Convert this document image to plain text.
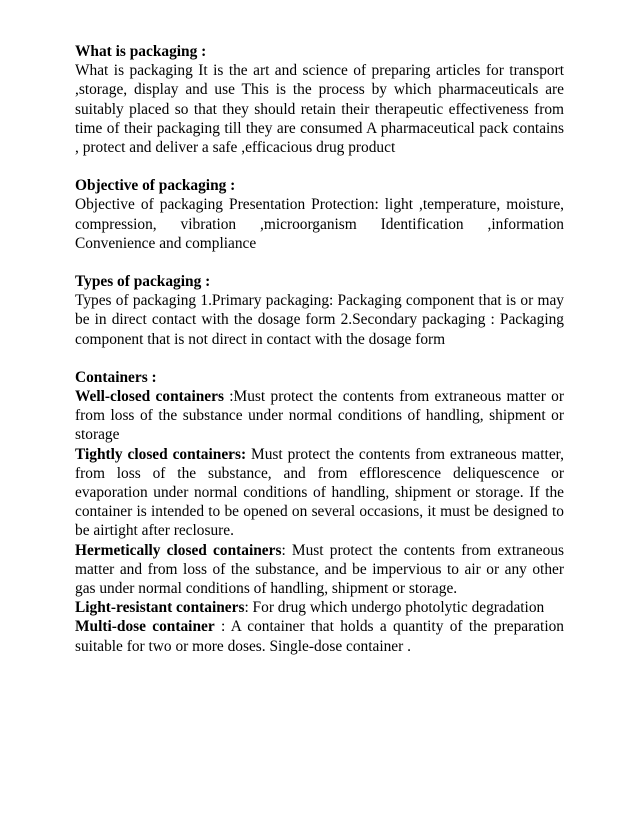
What is packaging :

What is packaging It is the art and science of preparing articles for transport ,storage, display and use This is the process by which pharmaceuticals are suitably placed so that they should retain their therapeutic effectiveness from time of their packaging till they are consumed A pharmaceutical pack contains , protect and deliver a safe ,efficacious drug product

Objective of packaging :

Objective of packaging Presentation Protection: light ,temperature, moisture, compression, vibration ,microorganism Identification ,information Convenience and compliance

Types of packaging :

Types of packaging 1.Primary packaging: Packaging component that is or may be in direct contact with the dosage form 2.Secondary packaging : Packaging component that is not direct in contact with the dosage form

Containers :

Well-closed containers :Must protect the contents from extraneous matter or from loss of the substance under normal conditions of handling, shipment or storage

Tightly closed containers: Must protect the contents from extraneous matter, from loss of the substance, and from efflorescence deliquescence or evaporation under normal conditions of handling, shipment or storage. If the container is intended to be opened on several occasions, it must be designed to be airtight after reclosure.

Hermetically closed containers: Must protect the contents from extraneous matter and from loss of the substance, and be impervious to air or any other gas under normal conditions of handling, shipment or storage.

Light-resistant containers: For drug which undergo photolytic degradation

Multi-dose container : A container that holds a quantity of the preparation suitable for two or more doses. Single-dose container .
